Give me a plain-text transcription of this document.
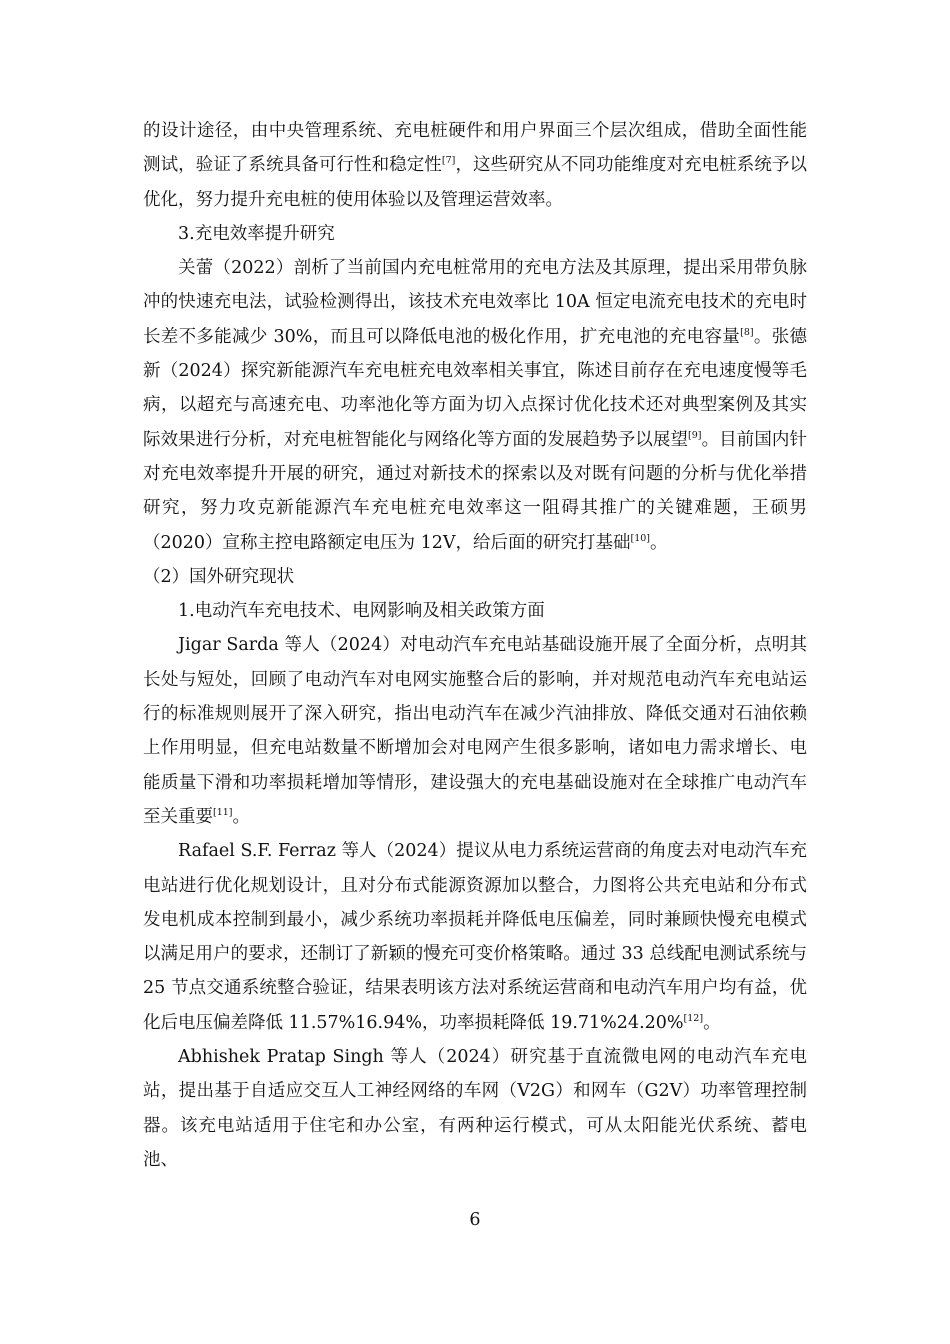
的设计途径，由中央管理系统、充电桩硬件和用户界面三个层次组成，借助全面性能测试，验证了系统具备可行性和稳定性[7]，这些研究从不同功能维度对充电桩系统予以优化，努力提升充电桩的使用体验以及管理运营效率。

3.充电效率提升研究

关蕾（2022）剖析了当前国内充电桩常用的充电方法及其原理，提出采用带负脉冲的快速充电法，试验检测得出，该技术充电效率比 10A 恒定电流充电技术的充电时长差不多能减少 30%，而且可以降低电池的极化作用，扩充电池的充电容量[8]。张德新（2024）探究新能源汽车充电桩充电效率相关事宜，陈述目前存在充电速度慢等毛病，以超充与高速充电、功率池化等方面为切入点探讨优化技术还对典型案例及其实际效果进行分析，对充电桩智能化与网络化等方面的发展趋势予以展望[9]。目前国内针对充电效率提升开展的研究，通过对新技术的探索以及对既有问题的分析与优化举措研究，努力攻克新能源汽车充电桩充电效率这一阻碍其推广的关键难题，王硕男（2020）宣称主控电路额定电压为 12V，给后面的研究打基础[10]。

（2）国外研究现状

1.电动汽车充电技术、电网影响及相关政策方面

Jigar Sarda 等人（2024）对电动汽车充电站基础设施开展了全面分析，点明其长处与短处，回顾了电动汽车对电网实施整合后的影响，并对规范电动汽车充电站运行的标准规则展开了深入研究，指出电动汽车在减少汽油排放、降低交通对石油依赖上作用明显，但充电站数量不断增加会对电网产生很多影响，诸如电力需求增长、电能质量下滑和功率损耗增加等情形，建设强大的充电基础设施对在全球推广电动汽车至关重要[11]。

Rafael S.F. Ferraz 等人（2024）提议从电力系统运营商的角度去对电动汽车充电站进行优化规划设计，且对分布式能源资源加以整合，力图将公共充电站和分布式发电机成本控制到最小，减少系统功率损耗并降低电压偏差，同时兼顾快慢充电模式以满足用户的要求，还制订了新颖的慢充可变价格策略。通过 33 总线配电测试系统与 25 节点交通系统整合验证，结果表明该方法对系统运营商和电动汽车用户均有益，优化后电压偏差降低 11.57%16.94%，功率损耗降低 19.71%24.20%[12]。

Abhishek Pratap Singh 等人（2024）研究基于直流微电网的电动汽车充电站，提出基于自适应交互人工神经网络的车网（V2G）和网车（G2V）功率管理控制器。该充电站适用于住宅和办公室，有两种运行模式，可从太阳能光伏系统、蓄电池、

6
